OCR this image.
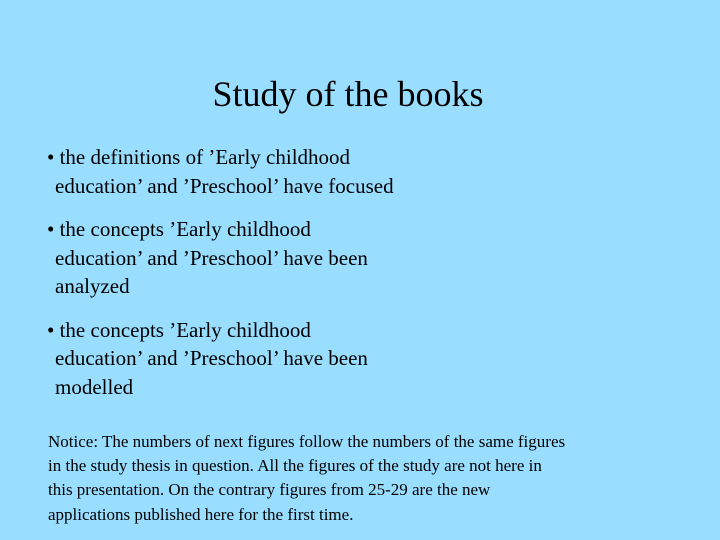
Study of the books
• the definitions of ’Early childhood
education’ and ’Preschool’ have focused
• the concepts ’Early childhood
education’ and ’Preschool’ have been
analyzed
• the concepts ’Early childhood
education’ and ’Preschool’ have been
modelled
Notice: The numbers of next figures follow the numbers of the same figures
in the study thesis in question. All the figures of the study are not here in
this presentation. On the contrary figures from 25-29 are the new
applications published here for the first time.
